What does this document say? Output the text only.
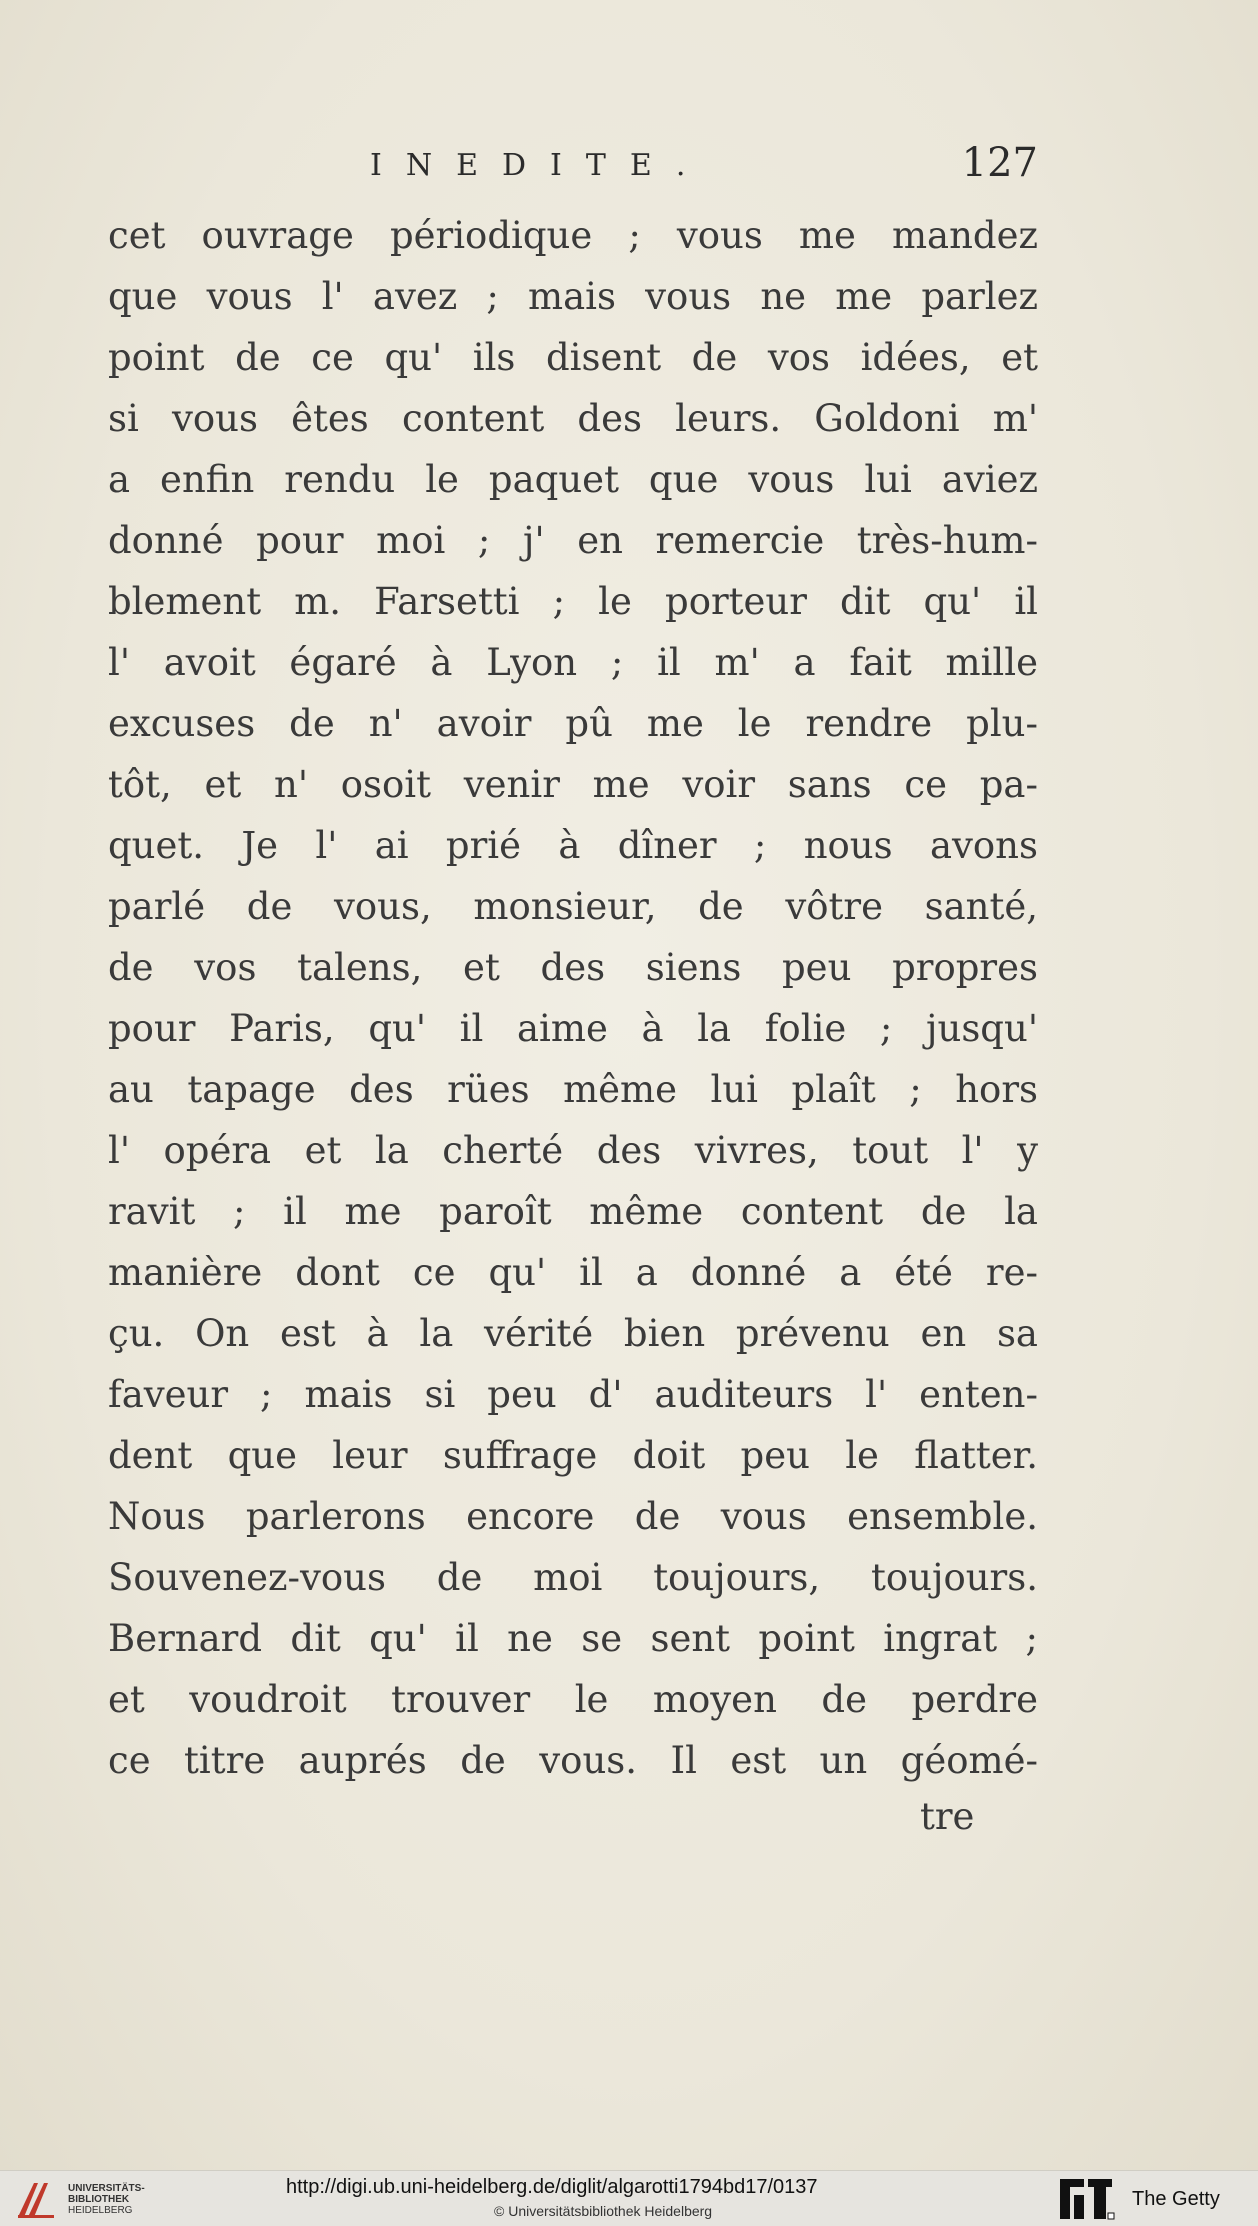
INEDITE.	127
cet ouvrage périodique ; vous me mandez
que vous l' avez ; mais vous ne me parlez
point de ce qu' ils disent de vos idées, et
si vous êtes content des leurs. Goldoni m'
a enfin rendu le paquet que vous lui aviez
donné pour moi ; j' en remercie très-hum-
blement m. Farsetti ; le porteur dit qu' il
l' avoit égaré à Lyon ; il m' a fait mille
excuses de n' avoir pû me le rendre plu-
tôt, et n' osoit venir me voir sans ce pa-
quet. Je l' ai prié à dîner ; nous avons
parlé de vous, monsieur, de vôtre santé,
de vos talens, et des siens peu propres
pour Paris, qu' il aime à la folie ; jusqu'
au tapage des rües même lui plaît ; hors
l' opéra et la cherté des vivres, tout l' y
ravit ; il me paroît même content de la
manière dont ce qu' il a donné a été re-
çu. On est à la vérité bien prévenu en sa
faveur ; mais si peu d' auditeurs l' enten-
dent que leur suffrage doit peu le flatter.
Nous parlerons encore de vous ensemble.
Souvenez-vous de moi toujours, toujours.
Bernard dit qu' il ne se sent point ingrat ;
et voudroit trouver le moyen de perdre
ce titre auprés de vous. Il est un géomé-
tre
UNIVERSITÄTS-
BIBLIOTHEK
HEIDELBERG
http://digi.ub.uni-heidelberg.de/diglit/algarotti1794bd17/0137
© Universitätsbibliothek Heidelberg
The Getty
